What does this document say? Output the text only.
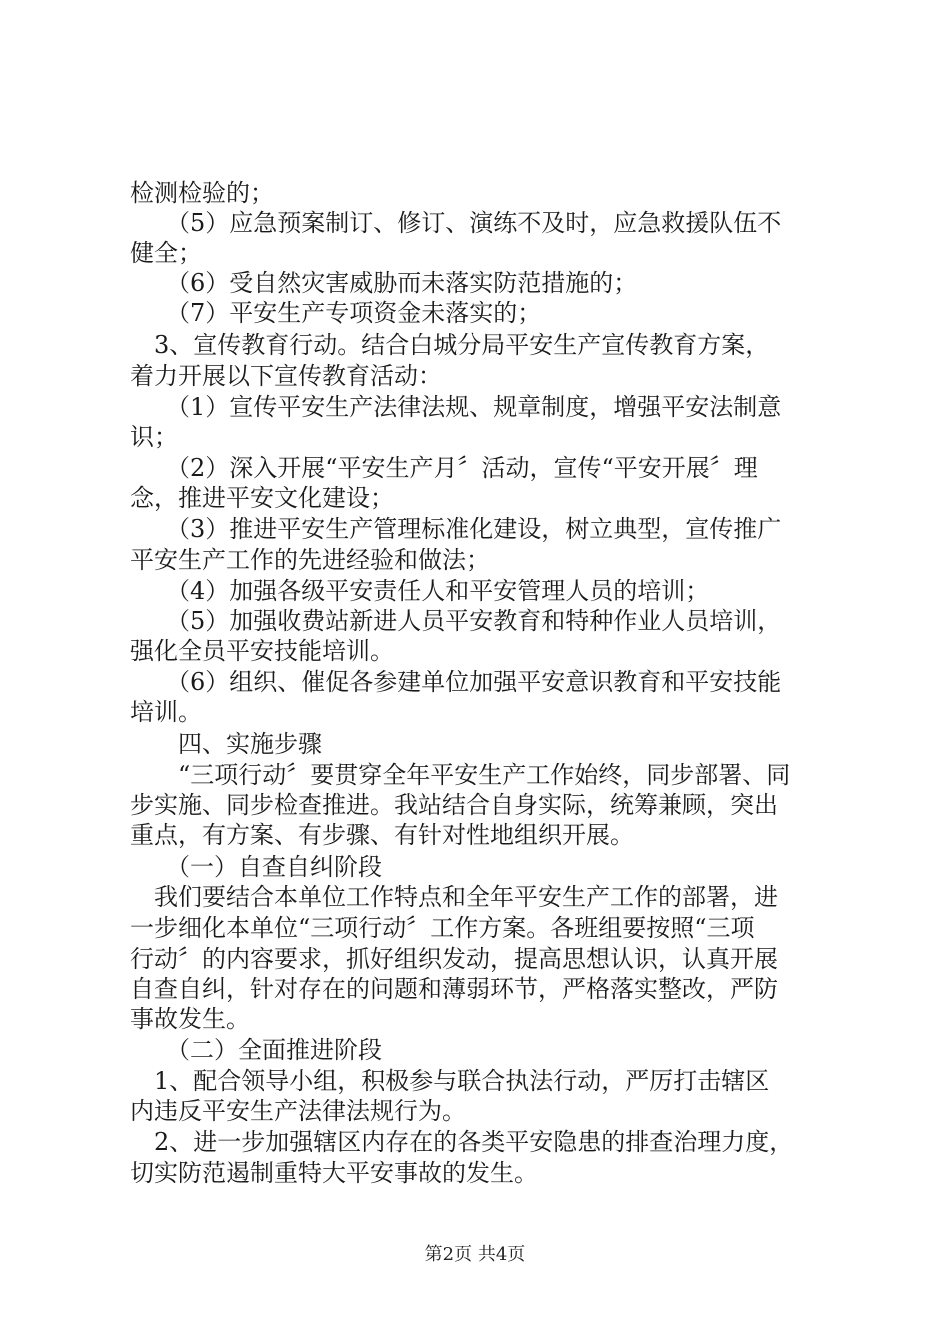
检测检验的；
　　（5）应急预案制订、修订、演练不及时，应急救援队伍不
健全；
　　（6）受自然灾害威胁而未落实防范措施的；
　　（7）平安生产专项资金未落实的；
　3、宣传教育行动。结合白城分局平安生产宣传教育方案，
着力开展以下宣传教育活动：
　　（1）宣传平安生产法律法规、规章制度，增强平安法制意
识；
　　（2）深入开展“平安生产月〞活动，宣传“平安开展〞理
念，推进平安文化建设；
　　（3）推进平安生产管理标准化建设，树立典型，宣传推广
平安生产工作的先进经验和做法；
　　（4）加强各级平安责任人和平安管理人员的培训；
　　（5）加强收费站新进人员平安教育和特种作业人员培训，
强化全员平安技能培训。
　　（6）组织、催促各参建单位加强平安意识教育和平安技能
培训。
　　四、实施步骤
　　“三项行动〞要贯穿全年平安生产工作始终，同步部署、同
步实施、同步检查推进。我站结合自身实际，统筹兼顾，突出
重点，有方案、有步骤、有针对性地组织开展。
　　（一）自查自纠阶段
　我们要结合本单位工作特点和全年平安生产工作的部署，进
一步细化本单位“三项行动〞工作方案。各班组要按照“三项
行动〞的内容要求，抓好组织发动，提高思想认识，认真开展
自查自纠，针对存在的问题和薄弱环节，严格落实整改，严防
事故发生。
　　（二）全面推进阶段
　1、配合领导小组，积极参与联合执法行动，严厉打击辖区
内违反平安生产法律法规行为。
　2、进一步加强辖区内存在的各类平安隐患的排查治理力度，
切实防范遏制重特大平安事故的发生。
第2页 共4页
